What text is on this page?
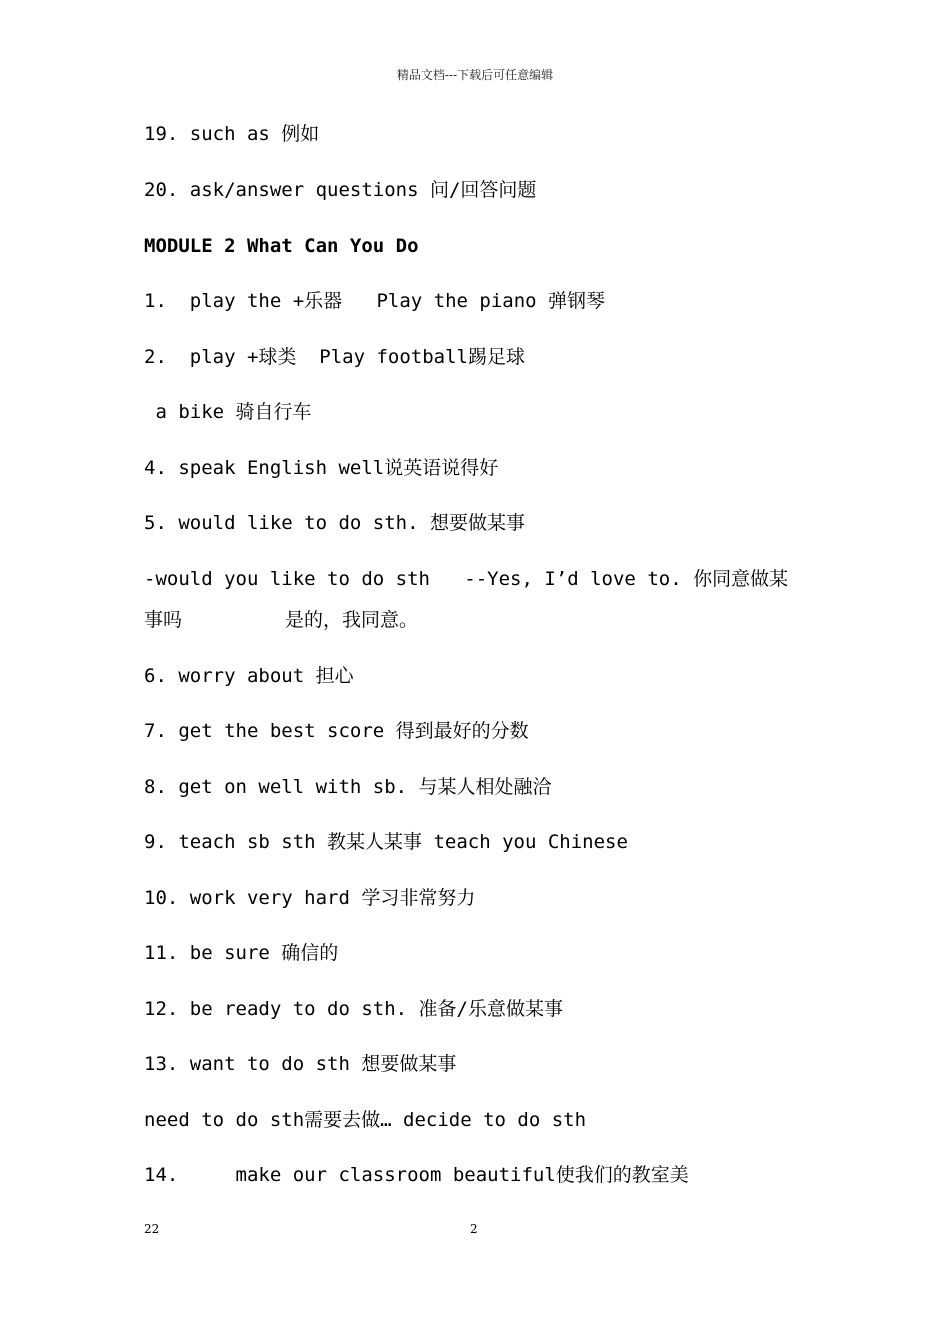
精品文档---下载后可任意编辑
19. such as 例如
20. ask/answer questions 问/回答问题
MODULE 2 What Can You Do
1.  play the +乐器   Play the piano 弹钢琴
2.  play +球类  Play football踢足球
a bike 骑自行车
4. speak English well说英语说得好
5. would like to do sth. 想要做某事
-would you like to do sth   --Yes, I’d love to. 你同意做某
事吗         是的，我同意。
6. worry about 担心
7. get the best score 得到最好的分数
8. get on well with sb. 与某人相处融洽
9. teach sb sth 教某人某事 teach you Chinese
10. work very hard 学习非常努力
11. be sure 确信的
12. be ready to do sth. 准备/乐意做某事
13. want to do sth 想要做某事
need to do sth需要去做… decide to do sth
14.     make our classroom beautiful使我们的教室美
22	2
